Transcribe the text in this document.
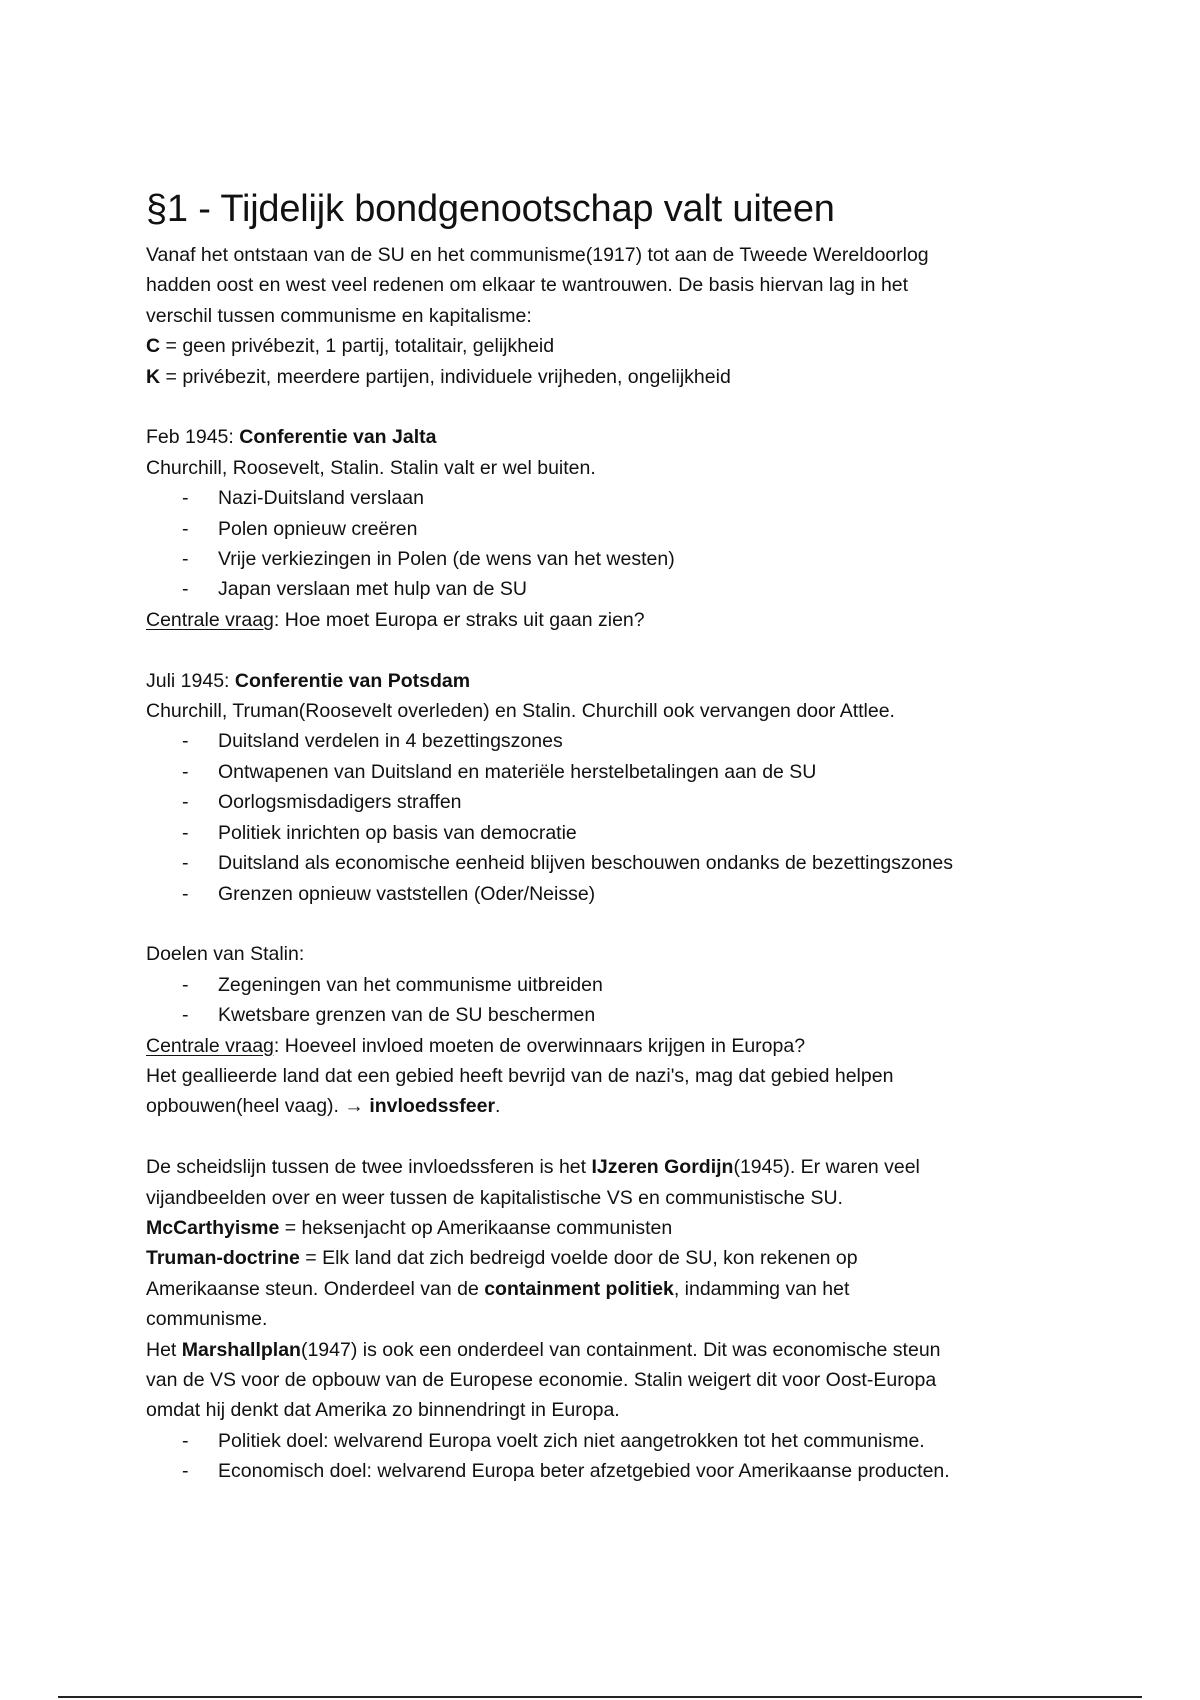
§1 - Tijdelijk bondgenootschap valt uiteen
Vanaf het ontstaan van de SU en het communisme(1917) tot aan de Tweede Wereldoorlog
hadden oost en west veel redenen om elkaar te wantrouwen. De basis hiervan lag in het
verschil tussen communisme en kapitalisme:
C = geen privébezit, 1 partij, totalitair, gelijkheid
K = privébezit, meerdere partijen, individuele vrijheden, ongelijkheid
Feb 1945: Conferentie van Jalta
Churchill, Roosevelt, Stalin. Stalin valt er wel buiten.
- Nazi-Duitsland verslaan
- Polen opnieuw creëren
- Vrije verkiezingen in Polen (de wens van het westen)
- Japan verslaan met hulp van de SU
Centrale vraag: Hoe moet Europa er straks uit gaan zien?
Juli 1945: Conferentie van Potsdam
Churchill, Truman(Roosevelt overleden) en Stalin. Churchill ook vervangen door Attlee.
- Duitsland verdelen in 4 bezettingszones
- Ontwapenen van Duitsland en materiële herstelbetalingen aan de SU
- Oorlogsmisdadigers straffen
- Politiek inrichten op basis van democratie
- Duitsland als economische eenheid blijven beschouwen ondanks de bezettingszones
- Grenzen opnieuw vaststellen (Oder/Neisse)
Doelen van Stalin:
- Zegeningen van het communisme uitbreiden
- Kwetsbare grenzen van de SU beschermen
Centrale vraag: Hoeveel invloed moeten de overwinnaars krijgen in Europa?
Het geallieerde land dat een gebied heeft bevrijd van de nazi's, mag dat gebied helpen
opbouwen(heel vaag). → invloedssfeer.
De scheidslijn tussen de twee invloedssferen is het IJzeren Gordijn(1945). Er waren veel
vijandbeelden over en weer tussen de kapitalistische VS en communistische SU.
McCarthyisme = heksenjacht op Amerikaanse communisten
Truman-doctrine = Elk land dat zich bedreigd voelde door de SU, kon rekenen op
Amerikaanse steun. Onderdeel van de containment politiek, indamming van het
communisme.
Het Marshallplan(1947) is ook een onderdeel van containment. Dit was economische steun
van de VS voor de opbouw van de Europese economie. Stalin weigert dit voor Oost-Europa
omdat hij denkt dat Amerika zo binnendringt in Europa.
- Politiek doel: welvarend Europa voelt zich niet aangetrokken tot het communisme.
- Economisch doel: welvarend Europa beter afzetgebied voor Amerikaanse producten.
